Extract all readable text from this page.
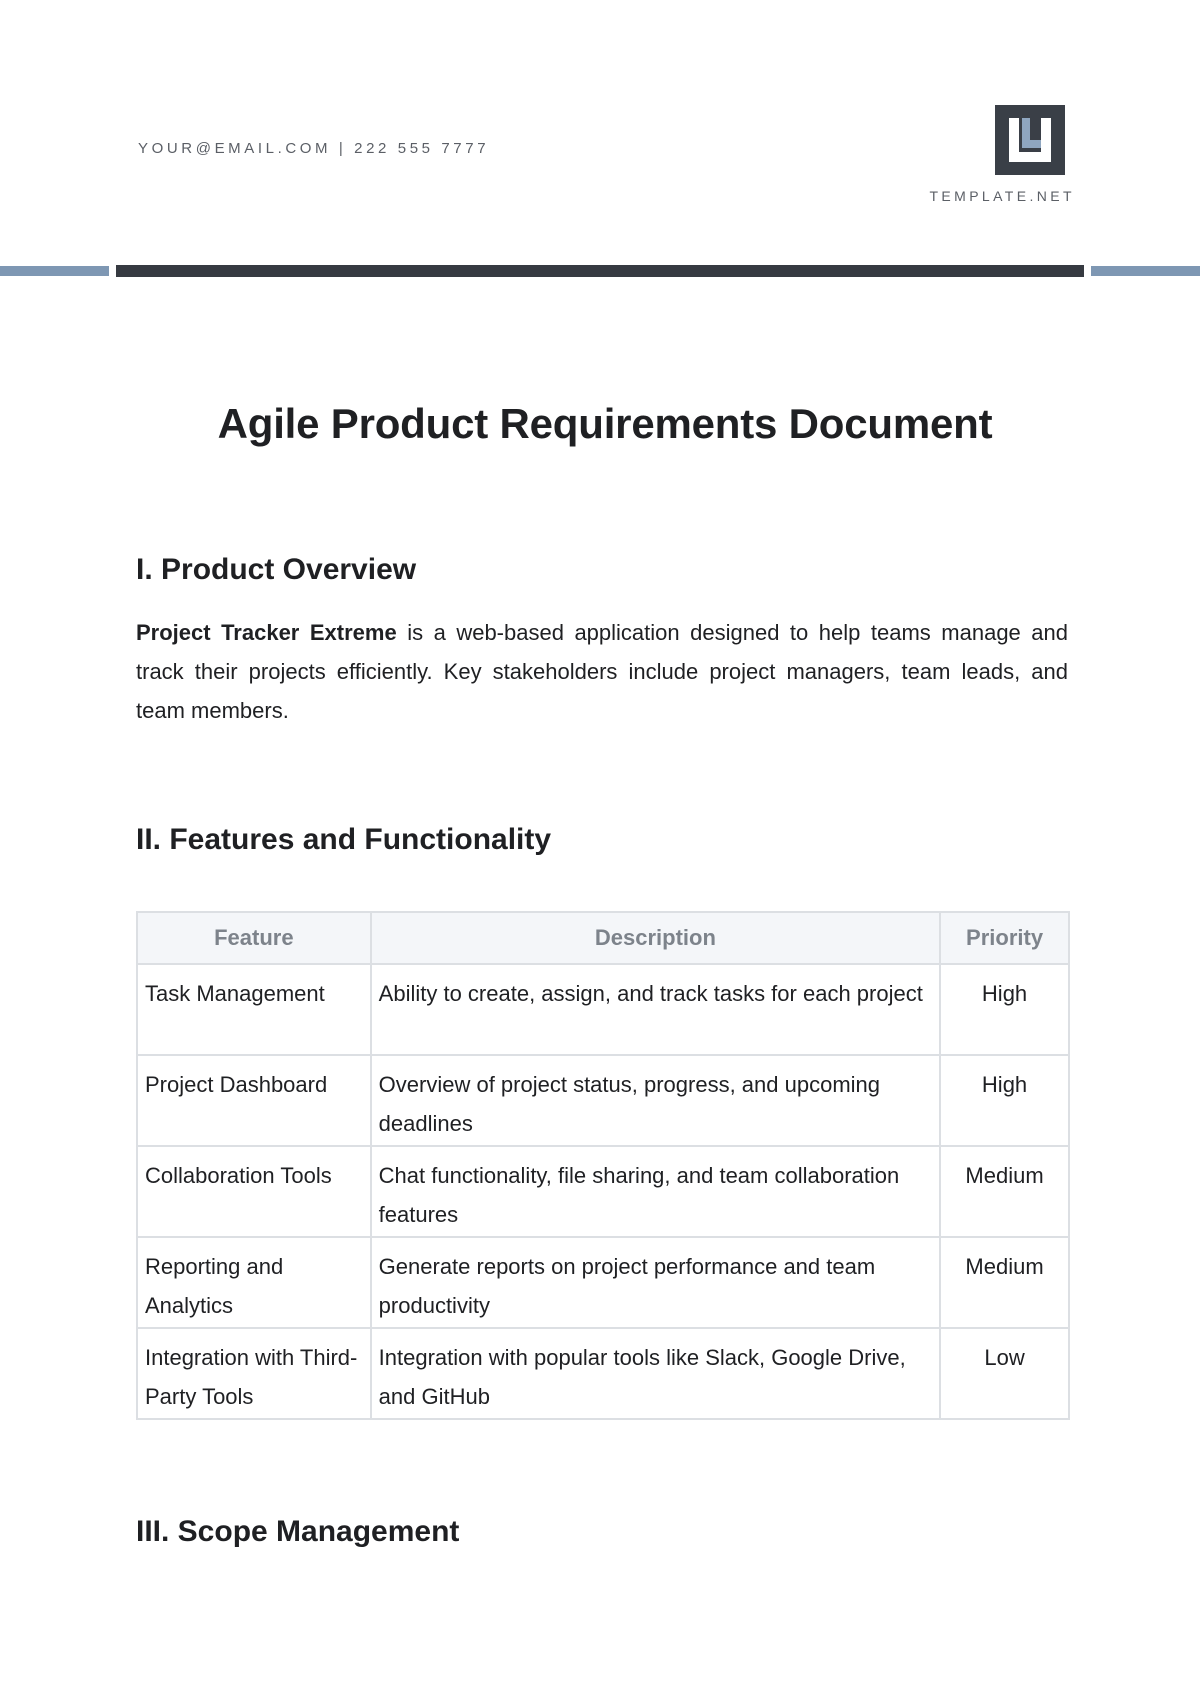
YOUR@EMAIL.COM | 222 555 7777
TEMPLATE.NET
Agile Product Requirements Document
I. Product Overview

Project Tracker Extreme is a web-based application designed to help teams manage and track their projects efficiently. Key stakeholders include project managers, team leads, and team members.

II. Features and Functionality
Feature	Description	Priority
Task Management	Ability to create, assign, and track tasks for each project	High
Project Dashboard	Overview of project status, progress, and upcoming deadlines	High
Collaboration Tools	Chat functionality, file sharing, and team collaboration features	Medium
Reporting and Analytics	Generate reports on project performance and team productivity	Medium
Integration with Third-Party Tools	Integration with popular tools like Slack, Google Drive, and GitHub	Low
III. Scope Management
